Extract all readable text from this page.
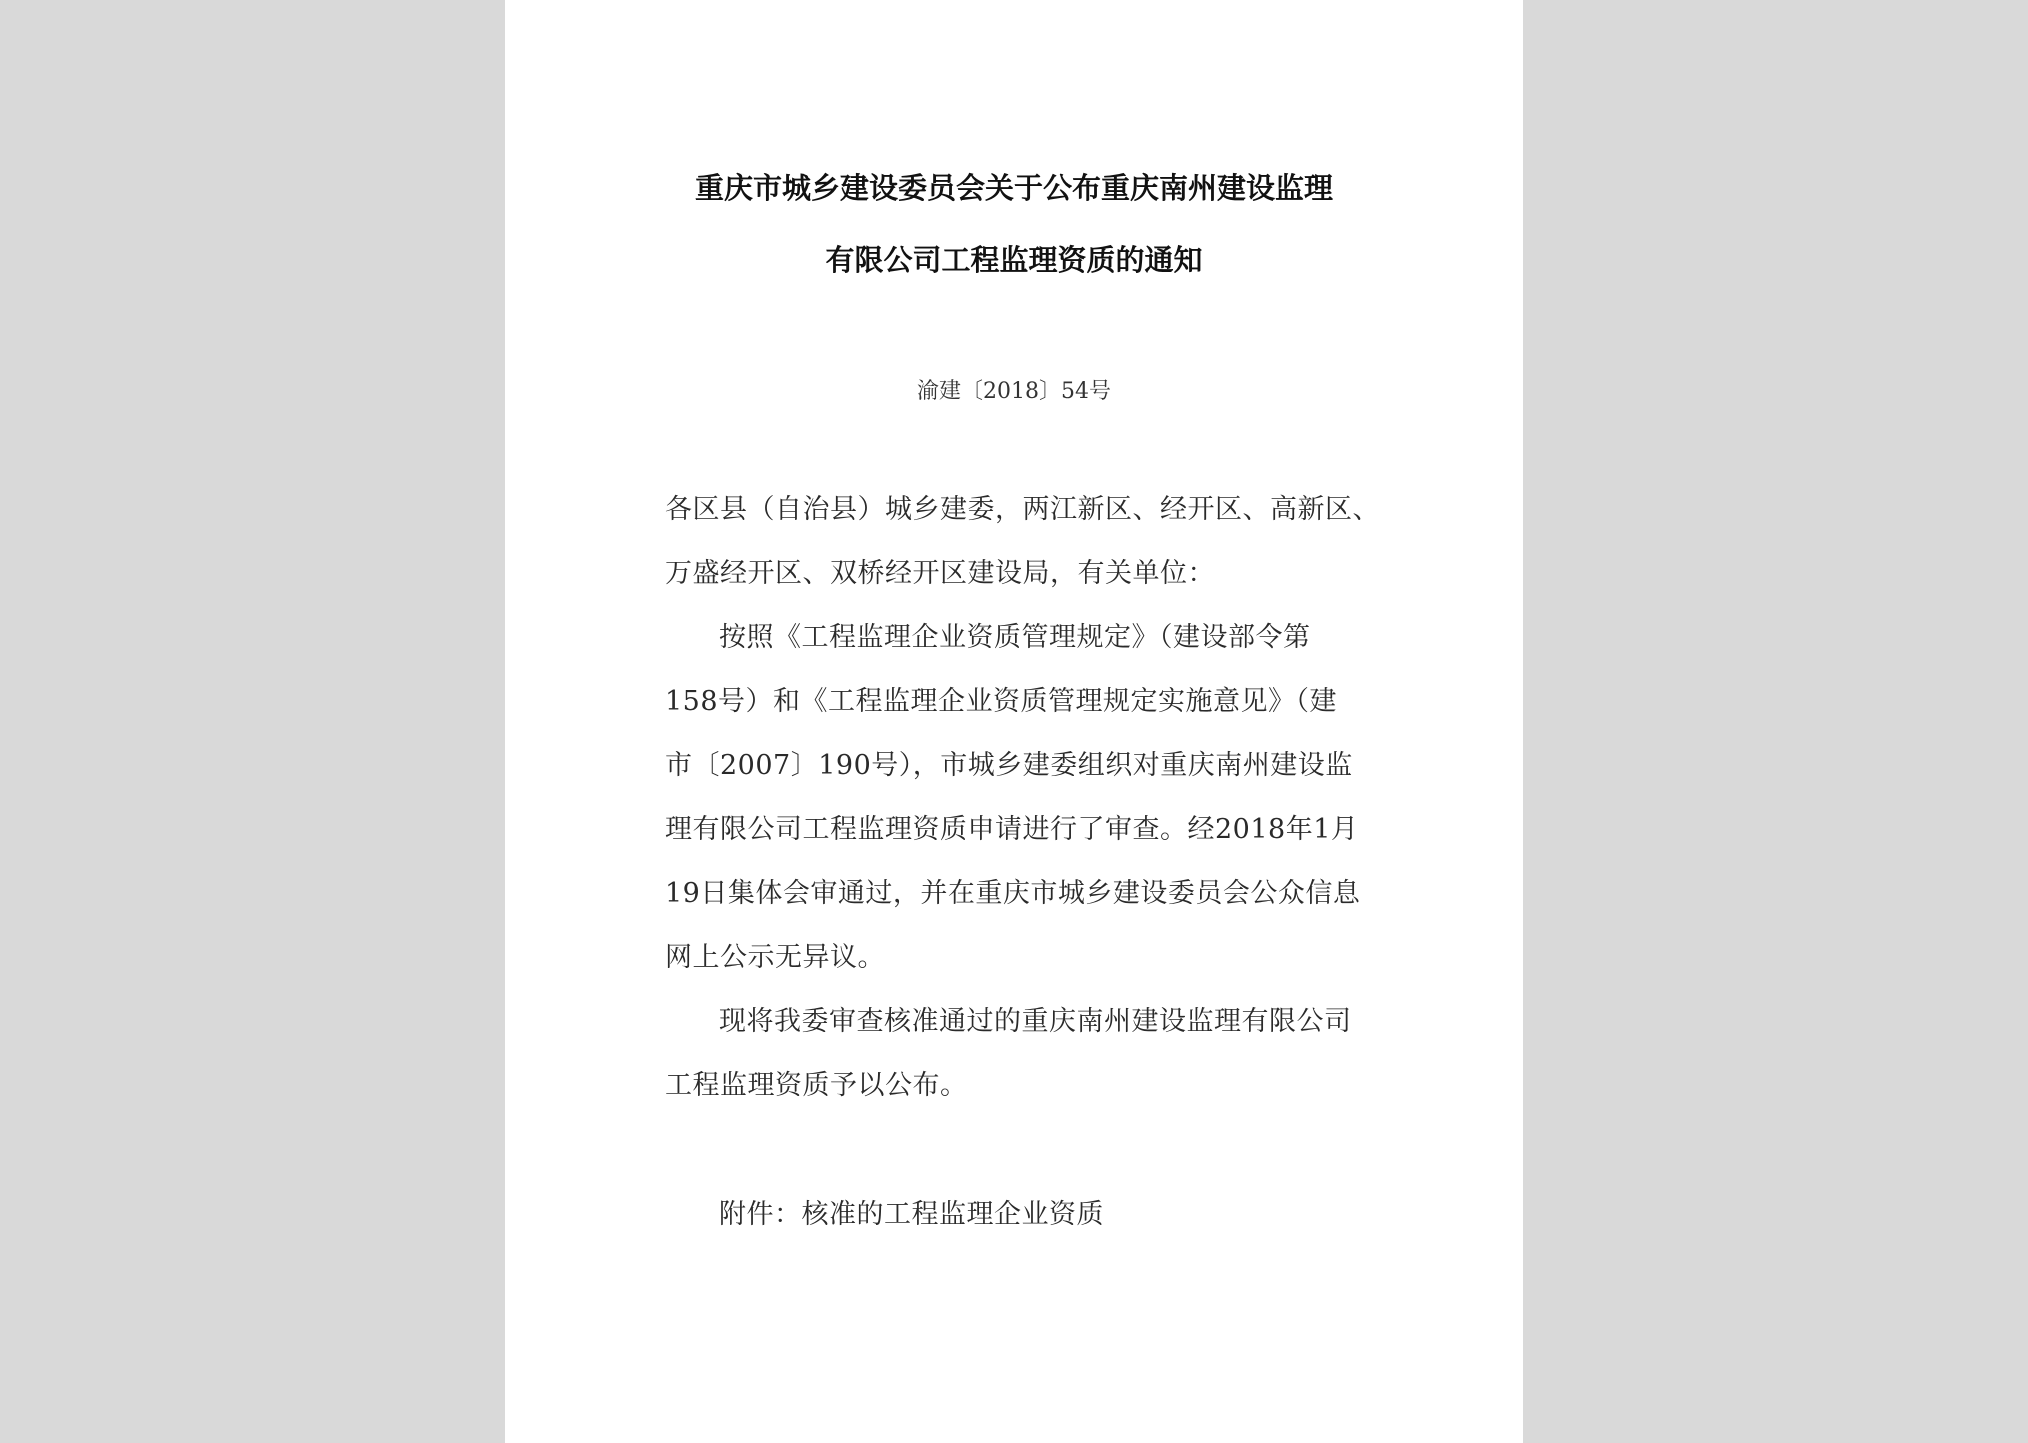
重庆市城乡建设委员会关于公布重庆南州建设监理
有限公司工程监理资质的通知
渝建〔2018〕54号
各区县（自治县）城乡建委，两江新区、经开区、高新区、
万盛经开区、双桥经开区建设局，有关单位：
按照《工程监理企业资质管理规定》（建设部令第
158号）和《工程监理企业资质管理规定实施意见》（建
市〔2007〕190号），市城乡建委组织对重庆南州建设监
理有限公司工程监理资质申请进行了审查。经2018年1月
19日集体会审通过，并在重庆市城乡建设委员会公众信息
网上公示无异议。
现将我委审查核准通过的重庆南州建设监理有限公司
工程监理资质予以公布。
附件：核准的工程监理企业资质
